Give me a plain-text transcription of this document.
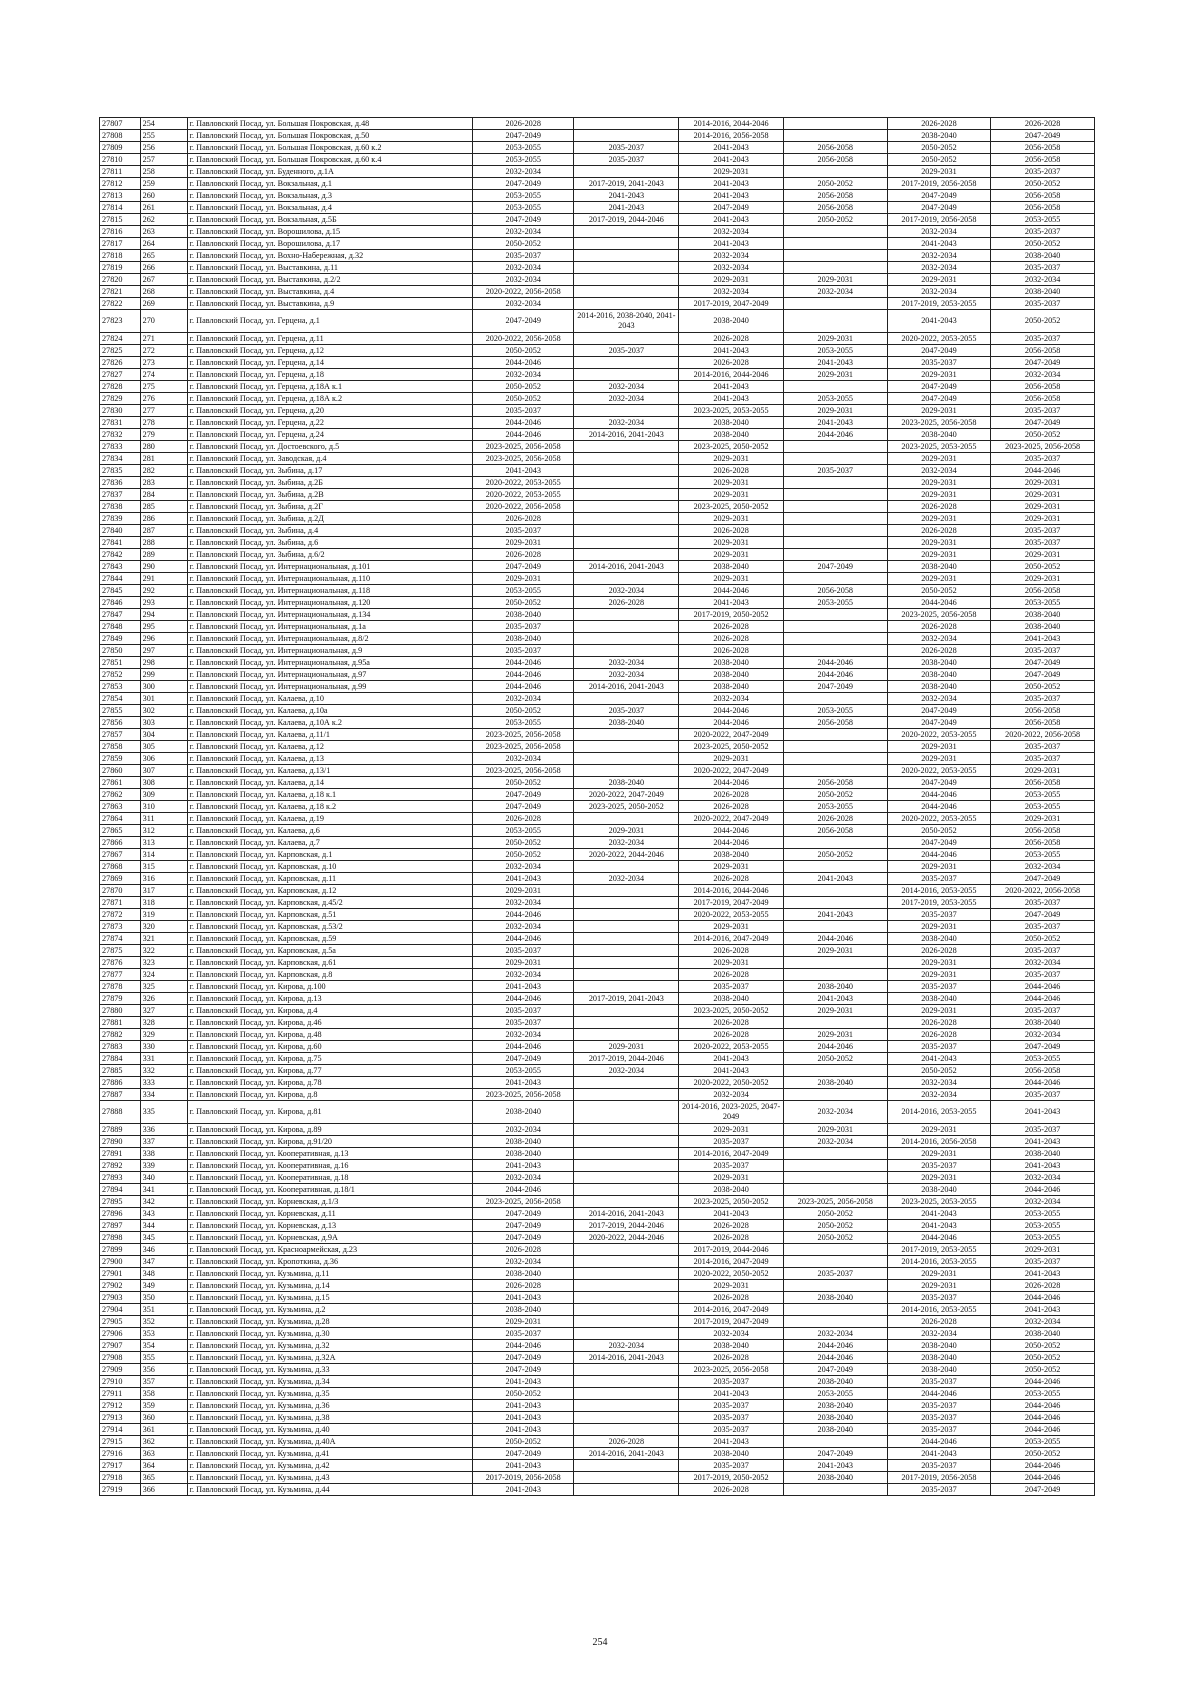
27807	254	г. Павловский Посад, ул. Большая Покровская, д.48	2026-2028		2014-2016, 2044-2046		2026-2028	2026-2028
27808	255	г. Павловский Посад, ул. Большая Покровская, д.50	2047-2049		2014-2016, 2056-2058		2038-2040	2047-2049
27809	256	г. Павловский Посад, ул. Большая Покровская, д.60 к.2	2053-2055	2035-2037	2041-2043	2056-2058	2050-2052	2056-2058
27810	257	г. Павловский Посад, ул. Большая Покровская, д.60 к.4	2053-2055	2035-2037	2041-2043	2056-2058	2050-2052	2056-2058
27811	258	г. Павловский Посад, ул. Буденного, д.1А	2032-2034		2029-2031		2029-2031	2035-2037
27812	259	г. Павловский Посад, ул. Вокзальная, д.1	2047-2049	2017-2019, 2041-2043	2041-2043	2050-2052	2017-2019, 2056-2058	2050-2052
27813	260	г. Павловский Посад, ул. Вокзальная, д.3	2053-2055	2041-2043	2041-2043	2056-2058	2047-2049	2056-2058
27814	261	г. Павловский Посад, ул. Вокзальная, д.4	2053-2055	2041-2043	2047-2049	2056-2058	2047-2049	2056-2058
27815	262	г. Павловский Посад, ул. Вокзальная, д.5Б	2047-2049	2017-2019, 2044-2046	2041-2043	2050-2052	2017-2019, 2056-2058	2053-2055
27816	263	г. Павловский Посад, ул. Ворошилова, д.15	2032-2034		2032-2034		2032-2034	2035-2037
27817	264	г. Павловский Посад, ул. Ворошилова, д.17	2050-2052		2041-2043		2041-2043	2050-2052
27818	265	г. Павловский Посад, ул. Вохно-Набережная, д.32	2035-2037		2032-2034		2032-2034	2038-2040
27819	266	г. Павловский Посад, ул. Выставкина, д.11	2032-2034		2032-2034		2032-2034	2035-2037
27820	267	г. Павловский Посад, ул. Выставкина, д.2/2	2032-2034		2029-2031	2029-2031	2029-2031	2032-2034
27821	268	г. Павловский Посад, ул. Выставкина, д.4	2020-2022, 2056-2058		2032-2034	2032-2034	2032-2034	2038-2040
27822	269	г. Павловский Посад, ул. Выставкина, д.9	2032-2034		2017-2019, 2047-2049		2017-2019, 2053-2055	2035-2037
27823	270	г. Павловский Посад, ул. Герцена, д.1	2047-2049	2014-2016, 2038-2040, 2041-2043	2038-2040		2041-2043	2050-2052
27824	271	г. Павловский Посад, ул. Герцена, д.11	2020-2022, 2056-2058		2026-2028	2029-2031	2020-2022, 2053-2055	2035-2037
27825	272	г. Павловский Посад, ул. Герцена, д.12	2050-2052	2035-2037	2041-2043	2053-2055	2047-2049	2056-2058
27826	273	г. Павловский Посад, ул. Герцена, д.14	2044-2046		2026-2028	2041-2043	2035-2037	2047-2049
27827	274	г. Павловский Посад, ул. Герцена, д.18	2032-2034		2014-2016, 2044-2046	2029-2031	2029-2031	2032-2034
27828	275	г. Павловский Посад, ул. Герцена, д.18А к.1	2050-2052	2032-2034	2041-2043		2047-2049	2056-2058
27829	276	г. Павловский Посад, ул. Герцена, д.18А к.2	2050-2052	2032-2034	2041-2043	2053-2055	2047-2049	2056-2058
27830	277	г. Павловский Посад, ул. Герцена, д.20	2035-2037		2023-2025, 2053-2055	2029-2031	2029-2031	2035-2037
27831	278	г. Павловский Посад, ул. Герцена, д.22	2044-2046	2032-2034	2038-2040	2041-2043	2023-2025, 2056-2058	2047-2049
27832	279	г. Павловский Посад, ул. Герцена, д.24	2044-2046	2014-2016, 2041-2043	2038-2040	2044-2046	2038-2040	2050-2052
27833	280	г. Павловский Посад, ул. Достоевского, д.5	2023-2025, 2056-2058		2023-2025, 2050-2052		2023-2025, 2053-2055	2023-2025, 2056-2058
27834	281	г. Павловский Посад, ул. Заводская, д.4	2023-2025, 2056-2058		2029-2031		2029-2031	2035-2037
27835	282	г. Павловский Посад, ул. Зыбина, д.17	2041-2043		2026-2028	2035-2037	2032-2034	2044-2046
27836	283	г. Павловский Посад, ул. Зыбина, д.2Б	2020-2022, 2053-2055		2029-2031		2029-2031	2029-2031
27837	284	г. Павловский Посад, ул. Зыбина, д.2В	2020-2022, 2053-2055		2029-2031		2029-2031	2029-2031
27838	285	г. Павловский Посад, ул. Зыбина, д.2Г	2020-2022, 2056-2058		2023-2025, 2050-2052		2026-2028	2029-2031
27839	286	г. Павловский Посад, ул. Зыбина, д.2Д	2026-2028		2029-2031		2029-2031	2029-2031
27840	287	г. Павловский Посад, ул. Зыбина, д.4	2035-2037		2026-2028		2026-2028	2035-2037
27841	288	г. Павловский Посад, ул. Зыбина, д.6	2029-2031		2029-2031		2029-2031	2035-2037
27842	289	г. Павловский Посад, ул. Зыбина, д.6/2	2026-2028		2029-2031		2029-2031	2029-2031
27843	290	г. Павловский Посад, ул. Интернациональная, д.101	2047-2049	2014-2016, 2041-2043	2038-2040	2047-2049	2038-2040	2050-2052
27844	291	г. Павловский Посад, ул. Интернациональная, д.110	2029-2031		2029-2031		2029-2031	2029-2031
27845	292	г. Павловский Посад, ул. Интернациональная, д.118	2053-2055	2032-2034	2044-2046	2056-2058	2050-2052	2056-2058
27846	293	г. Павловский Посад, ул. Интернациональная, д.120	2050-2052	2026-2028	2041-2043	2053-2055	2044-2046	2053-2055
27847	294	г. Павловский Посад, ул. Интернациональная, д.134	2038-2040		2017-2019, 2050-2052		2023-2025, 2056-2058	2038-2040
27848	295	г. Павловский Посад, ул. Интернациональная, д.1а	2035-2037		2026-2028		2026-2028	2038-2040
27849	296	г. Павловский Посад, ул. Интернациональная, д.8/2	2038-2040		2026-2028		2032-2034	2041-2043
27850	297	г. Павловский Посад, ул. Интернациональная, д.9	2035-2037		2026-2028		2026-2028	2035-2037
27851	298	г. Павловский Посад, ул. Интернациональная, д.95а	2044-2046	2032-2034	2038-2040	2044-2046	2038-2040	2047-2049
27852	299	г. Павловский Посад, ул. Интернациональная, д.97	2044-2046	2032-2034	2038-2040	2044-2046	2038-2040	2047-2049
27853	300	г. Павловский Посад, ул. Интернациональная, д.99	2044-2046	2014-2016, 2041-2043	2038-2040	2047-2049	2038-2040	2050-2052
27854	301	г. Павловский Посад, ул. Калаева, д.10	2032-2034		2032-2034		2032-2034	2035-2037
27855	302	г. Павловский Посад, ул. Калаева, д.10а	2050-2052	2035-2037	2044-2046	2053-2055	2047-2049	2056-2058
27856	303	г. Павловский Посад, ул. Калаева, д.10А к.2	2053-2055	2038-2040	2044-2046	2056-2058	2047-2049	2056-2058
27857	304	г. Павловский Посад, ул. Калаева, д.11/1	2023-2025, 2056-2058		2020-2022, 2047-2049		2020-2022, 2053-2055	2020-2022, 2056-2058
27858	305	г. Павловский Посад, ул. Калаева, д.12	2023-2025, 2056-2058		2023-2025, 2050-2052		2029-2031	2035-2037
27859	306	г. Павловский Посад, ул. Калаева, д.13	2032-2034		2029-2031		2029-2031	2035-2037
27860	307	г. Павловский Посад, ул. Калаева, д.13/1	2023-2025, 2056-2058		2020-2022, 2047-2049		2020-2022, 2053-2055	2029-2031
27861	308	г. Павловский Посад, ул. Калаева, д.14	2050-2052	2038-2040	2044-2046	2056-2058	2047-2049	2056-2058
27862	309	г. Павловский Посад, ул. Калаева, д.18 к.1	2047-2049	2020-2022, 2047-2049	2026-2028	2050-2052	2044-2046	2053-2055
27863	310	г. Павловский Посад, ул. Калаева, д.18 к.2	2047-2049	2023-2025, 2050-2052	2026-2028	2053-2055	2044-2046	2053-2055
27864	311	г. Павловский Посад, ул. Калаева, д.19	2026-2028		2020-2022, 2047-2049	2026-2028	2020-2022, 2053-2055	2029-2031
27865	312	г. Павловский Посад, ул. Калаева, д.6	2053-2055	2029-2031	2044-2046	2056-2058	2050-2052	2056-2058
27866	313	г. Павловский Посад, ул. Калаева, д.7	2050-2052	2032-2034	2044-2046		2047-2049	2056-2058
27867	314	г. Павловский Посад, ул. Карповская, д.1	2050-2052	2020-2022, 2044-2046	2038-2040	2050-2052	2044-2046	2053-2055
27868	315	г. Павловский Посад, ул. Карповская, д.10	2032-2034		2029-2031		2029-2031	2032-2034
27869	316	г. Павловский Посад, ул. Карповская, д.11	2041-2043	2032-2034	2026-2028	2041-2043	2035-2037	2047-2049
27870	317	г. Павловский Посад, ул. Карповская, д.12	2029-2031		2014-2016, 2044-2046		2014-2016, 2053-2055	2020-2022, 2056-2058
27871	318	г. Павловский Посад, ул. Карповская, д.45/2	2032-2034		2017-2019, 2047-2049		2017-2019, 2053-2055	2035-2037
27872	319	г. Павловский Посад, ул. Карповская, д.51	2044-2046		2020-2022, 2053-2055	2041-2043	2035-2037	2047-2049
27873	320	г. Павловский Посад, ул. Карповская, д.53/2	2032-2034		2029-2031		2029-2031	2035-2037
27874	321	г. Павловский Посад, ул. Карповская, д.59	2044-2046		2014-2016, 2047-2049	2044-2046	2038-2040	2050-2052
27875	322	г. Павловский Посад, ул. Карповская, д.5а	2035-2037		2026-2028	2029-2031	2026-2028	2035-2037
27876	323	г. Павловский Посад, ул. Карповская, д.61	2029-2031		2029-2031		2029-2031	2032-2034
27877	324	г. Павловский Посад, ул. Карповская, д.8	2032-2034		2026-2028		2029-2031	2035-2037
27878	325	г. Павловский Посад, ул. Кирова, д.100	2041-2043		2035-2037	2038-2040	2035-2037	2044-2046
27879	326	г. Павловский Посад, ул. Кирова, д.13	2044-2046	2017-2019, 2041-2043	2038-2040	2041-2043	2038-2040	2044-2046
27880	327	г. Павловский Посад, ул. Кирова, д.4	2035-2037		2023-2025, 2050-2052	2029-2031	2029-2031	2035-2037
27881	328	г. Павловский Посад, ул. Кирова, д.46	2035-2037		2026-2028		2026-2028	2038-2040
27882	329	г. Павловский Посад, ул. Кирова, д.48	2032-2034		2026-2028	2029-2031	2026-2028	2032-2034
27883	330	г. Павловский Посад, ул. Кирова, д.60	2044-2046	2029-2031	2020-2022, 2053-2055	2044-2046	2035-2037	2047-2049
27884	331	г. Павловский Посад, ул. Кирова, д.75	2047-2049	2017-2019, 2044-2046	2041-2043	2050-2052	2041-2043	2053-2055
27885	332	г. Павловский Посад, ул. Кирова, д.77	2053-2055	2032-2034	2041-2043		2050-2052	2056-2058
27886	333	г. Павловский Посад, ул. Кирова, д.78	2041-2043		2020-2022, 2050-2052	2038-2040	2032-2034	2044-2046
27887	334	г. Павловский Посад, ул. Кирова, д.8	2023-2025, 2056-2058		2032-2034		2032-2034	2035-2037
27888	335	г. Павловский Посад, ул. Кирова, д.81	2038-2040		2014-2016, 2023-2025, 2047-2049	2032-2034	2014-2016, 2053-2055	2041-2043
27889	336	г. Павловский Посад, ул. Кирова, д.89	2032-2034		2029-2031	2029-2031	2029-2031	2035-2037
27890	337	г. Павловский Посад, ул. Кирова, д.91/20	2038-2040		2035-2037	2032-2034	2014-2016, 2056-2058	2041-2043
27891	338	г. Павловский Посад, ул. Кооперативная, д.13	2038-2040		2014-2016, 2047-2049		2029-2031	2038-2040
27892	339	г. Павловский Посад, ул. Кооперативная, д.16	2041-2043		2035-2037		2035-2037	2041-2043
27893	340	г. Павловский Посад, ул. Кооперативная, д.18	2032-2034		2029-2031		2029-2031	2032-2034
27894	341	г. Павловский Посад, ул. Кооперативная, д.18/1	2044-2046		2038-2040		2038-2040	2044-2046
27895	342	г. Павловский Посад, ул. Корневская, д.1/3	2023-2025, 2056-2058		2023-2025, 2050-2052	2023-2025, 2056-2058	2023-2025, 2053-2055	2032-2034
27896	343	г. Павловский Посад, ул. Корневская, д.11	2047-2049	2014-2016, 2041-2043	2041-2043	2050-2052	2041-2043	2053-2055
27897	344	г. Павловский Посад, ул. Корневская, д.13	2047-2049	2017-2019, 2044-2046	2026-2028	2050-2052	2041-2043	2053-2055
27898	345	г. Павловский Посад, ул. Корневская, д.9А	2047-2049	2020-2022, 2044-2046	2026-2028	2050-2052	2044-2046	2053-2055
27899	346	г. Павловский Посад, ул. Красноармейская, д.23	2026-2028		2017-2019, 2044-2046		2017-2019, 2053-2055	2029-2031
27900	347	г. Павловский Посад, ул. Кропоткина, д.36	2032-2034		2014-2016, 2047-2049		2014-2016, 2053-2055	2035-2037
27901	348	г. Павловский Посад, ул. Кузьмина, д.11	2038-2040		2020-2022, 2050-2052	2035-2037	2029-2031	2041-2043
27902	349	г. Павловский Посад, ул. Кузьмина, д.14	2026-2028		2029-2031		2029-2031	2026-2028
27903	350	г. Павловский Посад, ул. Кузьмина, д.15	2041-2043		2026-2028	2038-2040	2035-2037	2044-2046
27904	351	г. Павловский Посад, ул. Кузьмина, д.2	2038-2040		2014-2016, 2047-2049		2014-2016, 2053-2055	2041-2043
27905	352	г. Павловский Посад, ул. Кузьмина, д.28	2029-2031		2017-2019, 2047-2049		2026-2028	2032-2034
27906	353	г. Павловский Посад, ул. Кузьмина, д.30	2035-2037		2032-2034	2032-2034	2032-2034	2038-2040
27907	354	г. Павловский Посад, ул. Кузьмина, д.32	2044-2046	2032-2034	2038-2040	2044-2046	2038-2040	2050-2052
27908	355	г. Павловский Посад, ул. Кузьмина, д.32А	2047-2049	2014-2016, 2041-2043	2026-2028	2044-2046	2038-2040	2050-2052
27909	356	г. Павловский Посад, ул. Кузьмина, д.33	2047-2049		2023-2025, 2056-2058	2047-2049	2038-2040	2050-2052
27910	357	г. Павловский Посад, ул. Кузьмина, д.34	2041-2043		2035-2037	2038-2040	2035-2037	2044-2046
27911	358	г. Павловский Посад, ул. Кузьмина, д.35	2050-2052		2041-2043	2053-2055	2044-2046	2053-2055
27912	359	г. Павловский Посад, ул. Кузьмина, д.36	2041-2043		2035-2037	2038-2040	2035-2037	2044-2046
27913	360	г. Павловский Посад, ул. Кузьмина, д.38	2041-2043		2035-2037	2038-2040	2035-2037	2044-2046
27914	361	г. Павловский Посад, ул. Кузьмина, д.40	2041-2043		2035-2037	2038-2040	2035-2037	2044-2046
27915	362	г. Павловский Посад, ул. Кузьмина, д.40А	2050-2052	2026-2028	2041-2043		2044-2046	2053-2055
27916	363	г. Павловский Посад, ул. Кузьмина, д.41	2047-2049	2014-2016, 2041-2043	2038-2040	2047-2049	2041-2043	2050-2052
27917	364	г. Павловский Посад, ул. Кузьмина, д.42	2041-2043		2035-2037	2041-2043	2035-2037	2044-2046
27918	365	г. Павловский Посад, ул. Кузьмина, д.43	2017-2019, 2056-2058		2017-2019, 2050-2052	2038-2040	2017-2019, 2056-2058	2044-2046
27919	366	г. Павловский Посад, ул. Кузьмина, д.44	2041-2043		2026-2028		2035-2037	2047-2049
254
